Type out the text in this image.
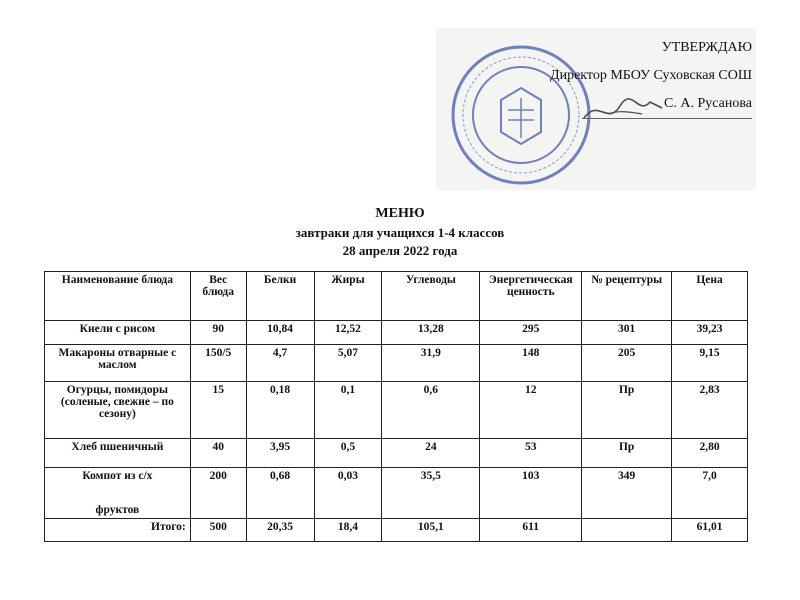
УТВЕРЖДАЮ
Директор МБОУ Суховская СОШ
С. А. Русанова
МЕНЮ
завтраки для учащихся 1-4 классов
28 апреля 2022 года
Наименование блюда	Вес блюда	Белки	Жиры	Углеводы	Энергетическая ценность	№ рецептуры	Цена
Кнели с рисом	90	10,84	12,52	13,28	295	301	39,23
Макароны отварные с маслом	150/5	4,7	5,07	31,9	148	205	9,15
Огурцы, помидоры (соленые, свежие – по сезону)	15	0,18	0,1	0,6	12	Пр	2,83
Хлеб пшеничный	40	3,95	0,5	24	53	Пр	2,80

Компот из с/х
фруктов	200	0,68	0,03	35,5	103	349	7,0
Итого:	500	20,35	18,4	105,1	611		61,01
